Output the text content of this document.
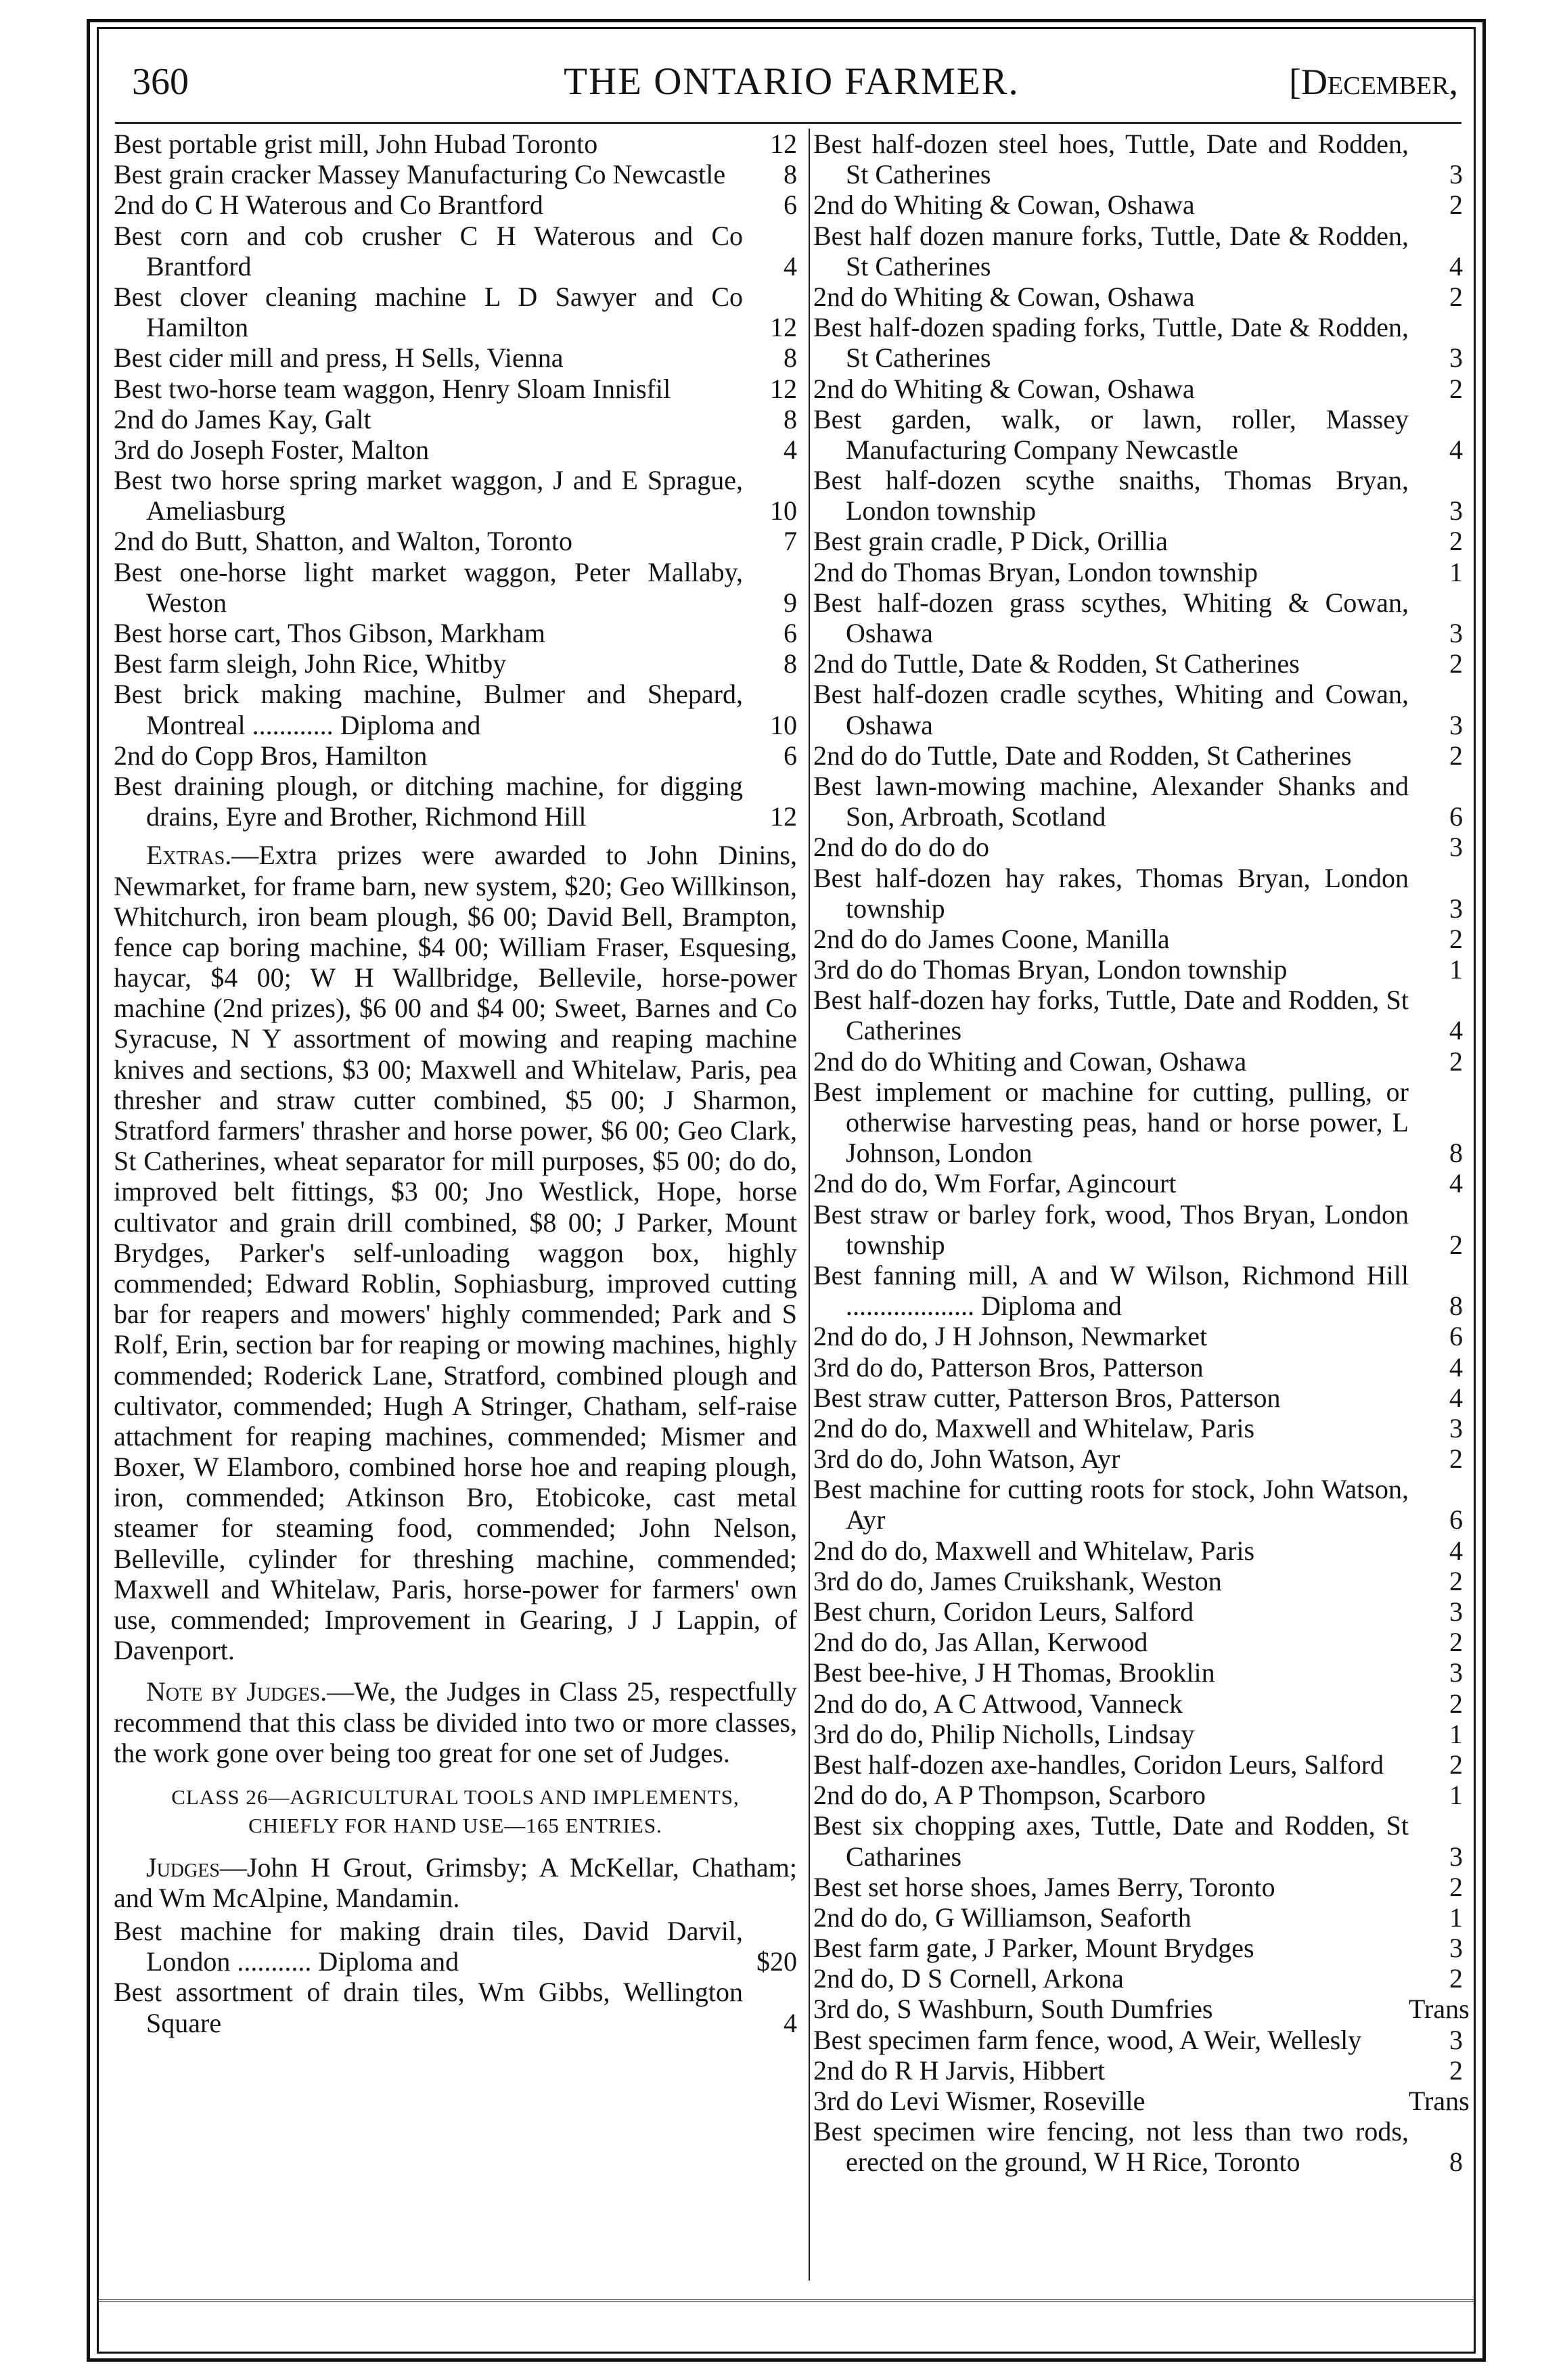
360	THE ONTARIO FARMER.	[December,
Best portable grist mill, John Hubad Toronto	12
Best grain cracker Massey Manufacturing Co Newcastle	8
2nd do C H Waterous and Co Brantford	6
Best corn and cob crusher C H Waterous and Co Brantford	4
Best clover cleaning machine L D Sawyer and Co Hamilton	12
Best cider mill and press, H Sells, Vienna	8
Best two-horse team waggon, Henry Sloam Innisfil	12
2nd do James Kay, Galt	8
3rd do Joseph Foster, Malton	4
Best two horse spring market waggon, J and E Sprague, Ameliasburg	10
2nd do Butt, Shatton, and Walton, Toronto	7
Best one-horse light market waggon, Peter Mallaby, Weston	9
Best horse cart, Thos Gibson, Markham	6
Best farm sleigh, John Rice, Whitby	8
Best brick making machine, Bulmer and Shepard, Montreal ............ Diploma and	10
2nd do Copp Bros, Hamilton	6
Best draining plough, or ditching machine, for digging drains, Eyre and Brother, Richmond Hill	12

Extras.—Extra prizes were awarded to John Dinins, Newmarket, for frame barn, new system, $20; Geo Willkinson, Whitchurch, iron beam plough, $6 00; David Bell, Brampton, fence cap boring machine, $4 00; William Fraser, Esquesing, haycar, $4 00; W H Wallbridge, Bellevile, horse-power machine (2nd prizes), $6 00 and $4 00; Sweet, Barnes and Co Syracuse, N Y assortment of mowing and reaping machine knives and sections, $3 00; Maxwell and Whitelaw, Paris, pea thresher and straw cutter combined, $5 00; J Sharmon, Stratford farmers' thrasher and horse power, $6 00; Geo Clark, St Catherines, wheat separator for mill purposes, $5 00; do do, improved belt fittings, $3 00; Jno Westlick, Hope, horse cultivator and grain drill combined, $8 00; J Parker, Mount Brydges, Parker's self-unloading waggon box, highly commended; Edward Roblin, Sophiasburg, improved cutting bar for reapers and mowers' highly commended; Park and S Rolf, Erin, section bar for reaping or mowing machines, highly commended; Roderick Lane, Stratford, combined plough and cultivator, commended; Hugh A Stringer, Chatham, self-raise attachment for reaping machines, commended; Mismer and Boxer, W Elamboro, combined horse hoe and reaping plough, iron, commended; Atkinson Bro, Etobicoke, cast metal steamer for steaming food, commended; John Nelson, Belleville, cylinder for threshing machine, commended; Maxwell and Whitelaw, Paris, horse-power for farmers' own use, commended; Improvement in Gearing, J J Lappin, of Davenport.

Note by Judges.—We, the Judges in Class 25, respectfully recommend that this class be divided into two or more classes, the work gone over being too great for one set of Judges.

CLASS 26—AGRICULTURAL TOOLS AND IMPLEMENTS,
CHIEFLY FOR HAND USE—165 ENTRIES.

Judges—John H Grout, Grimsby; A McKellar, Chatham; and Wm McAlpine, Mandamin.

Best machine for making drain tiles, David Darvil, London ........... Diploma and	$20
Best assortment of drain tiles, Wm Gibbs, Wellington Square	4
Best half-dozen steel hoes, Tuttle, Date and Rodden, St Catherines	3
2nd do Whiting & Cowan, Oshawa	2
Best half dozen manure forks, Tuttle, Date & Rodden, St Catherines	4
2nd do Whiting & Cowan, Oshawa	2
Best half-dozen spading forks, Tuttle, Date & Rodden, St Catherines	3
2nd do Whiting & Cowan, Oshawa	2
Best garden, walk, or lawn, roller, Massey Manufacturing Company Newcastle	4
Best half-dozen scythe snaiths, Thomas Bryan, London township	3
Best grain cradle, P Dick, Orillia	2
2nd do Thomas Bryan, London township	1
Best half-dozen grass scythes, Whiting & Cowan, Oshawa	3
2nd do Tuttle, Date & Rodden, St Catherines	2
Best half-dozen cradle scythes, Whiting and Cowan, Oshawa	3
2nd do do Tuttle, Date and Rodden, St Catherines	2
Best lawn-mowing machine, Alexander Shanks and Son, Arbroath, Scotland	6
2nd do do do do	3
Best half-dozen hay rakes, Thomas Bryan, London township	3
2nd do do James Coone, Manilla	2
3rd do do Thomas Bryan, London township	1
Best half-dozen hay forks, Tuttle, Date and Rodden, St Catherines	4
2nd do do Whiting and Cowan, Oshawa	2
Best implement or machine for cutting, pulling, or otherwise harvesting peas, hand or horse power, L Johnson, London	8
2nd do do, Wm Forfar, Agincourt	4
Best straw or barley fork, wood, Thos Bryan, London township	2
Best fanning mill, A and W Wilson, Richmond Hill ................... Diploma and	8
2nd do do, J H Johnson, Newmarket	6
3rd do do, Patterson Bros, Patterson	4
Best straw cutter, Patterson Bros, Patterson	4
2nd do do, Maxwell and Whitelaw, Paris	3
3rd do do, John Watson, Ayr	2
Best machine for cutting roots for stock, John Watson, Ayr	6
2nd do do, Maxwell and Whitelaw, Paris	4
3rd do do, James Cruikshank, Weston	2
Best churn, Coridon Leurs, Salford	3
2nd do do, Jas Allan, Kerwood	2
Best bee-hive, J H Thomas, Brooklin	3
2nd do do, A C Attwood, Vanneck	2
3rd do do, Philip Nicholls, Lindsay	1
Best half-dozen axe-handles, Coridon Leurs, Salford	2
2nd do do, A P Thompson, Scarboro	1
Best six chopping axes, Tuttle, Date and Rodden, St Catharines	3
Best set horse shoes, James Berry, Toronto	2
2nd do do, G Williamson, Seaforth	1
Best farm gate, J Parker, Mount Brydges	3
2nd do, D S Cornell, Arkona	2
3rd do, S Washburn, South Dumfries	Trans
Best specimen farm fence, wood, A Weir, Wellesly	3
2nd do R H Jarvis, Hibbert	2
3rd do Levi Wismer, Roseville	Trans
Best specimen wire fencing, not less than two rods, erected on the ground, W H Rice, Toronto	8
